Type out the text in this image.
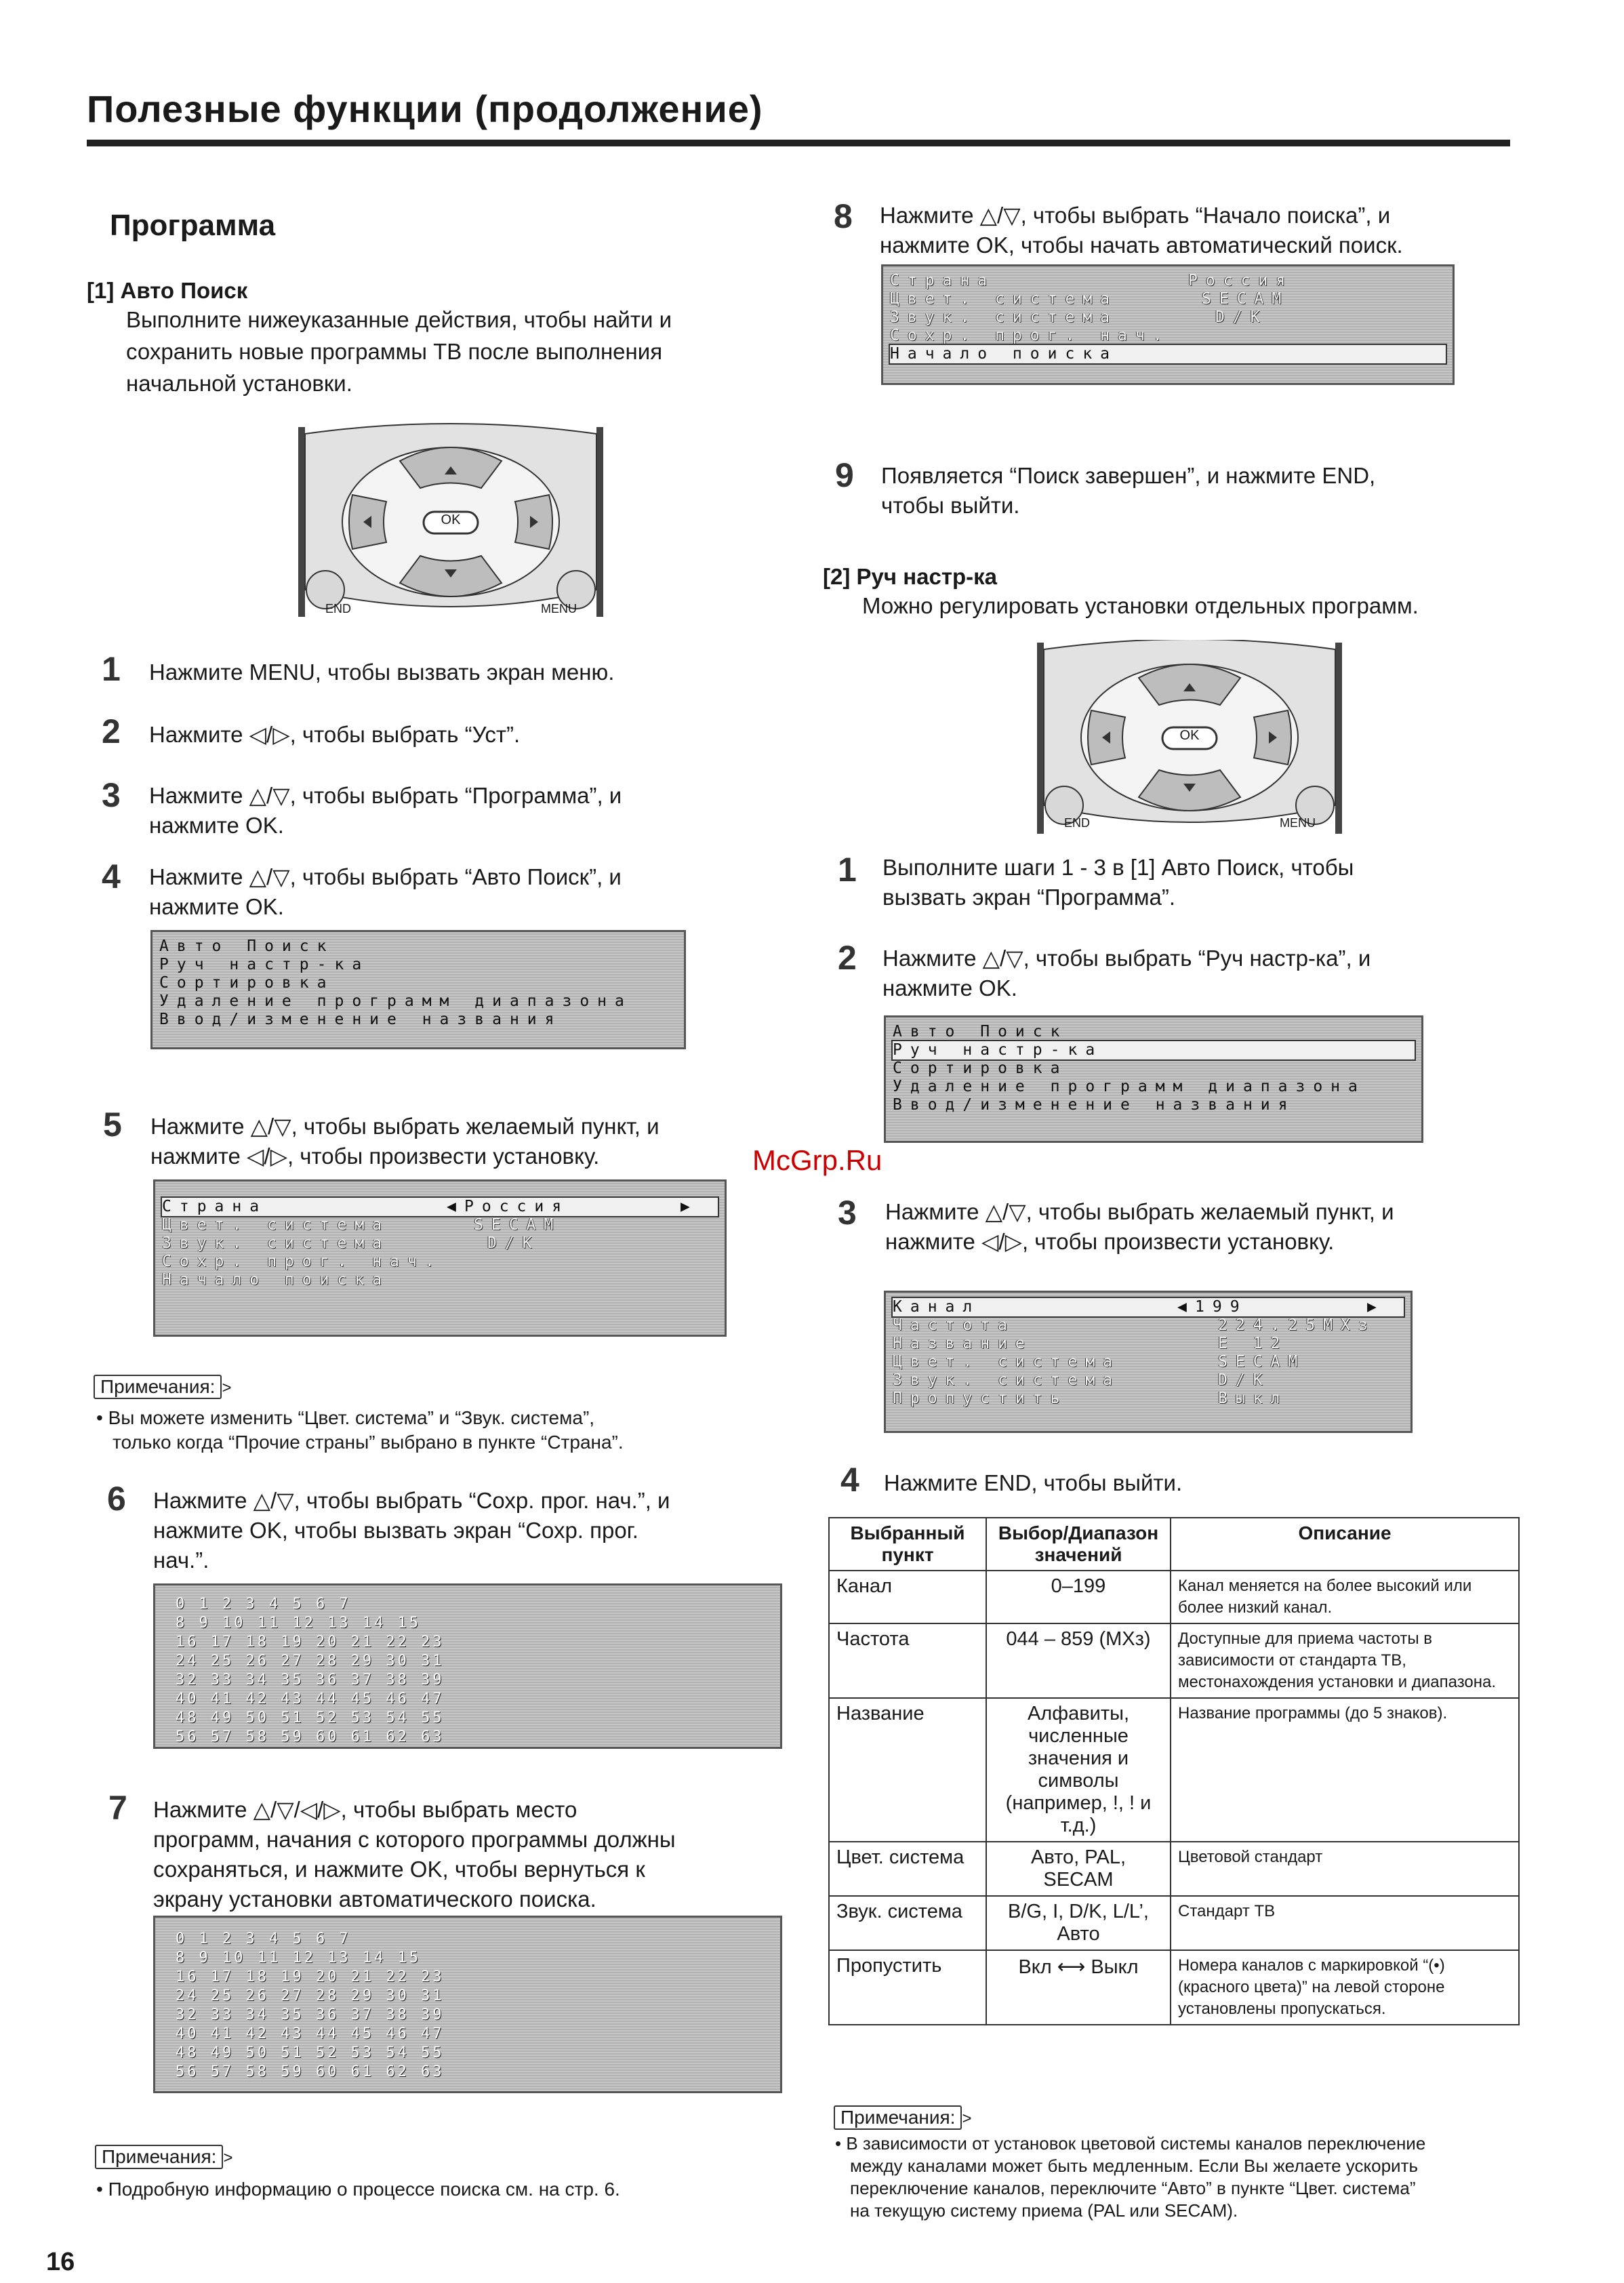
Полезные функции (продолжение)
Программа
[1] Авто Поиск
Выполните нижеуказанные действия, чтобы найти и
сохранить новые программы ТВ после выполнения
начальной установки.
OK
END	MENU
1 Нажмите MENU, чтобы вызвать экран меню.
2 Нажмите ◁/▷, чтобы выбрать “Уст”.
3 Нажмите △/▽, чтобы выбрать “Программа”, и
нажмите OK.
4 Нажмите △/▽, чтобы выбрать “Авто Поиск”, и
нажмите OK.
Авто Поиск
Руч настр-ка
Сортировка
Удаление программ диапазона
Ввод/изменение названия
5 Нажмите △/▽, чтобы выбрать желаемый пункт, и
нажмите ◁/▷, чтобы произвести установку.
Страна	◀ Россия	▶
Цвет. система	SECAM
Звук. система	D/K
Сохр. прог. нач.
Начало поиска
Примечания: >
• Вы можете изменить “Цвет. система” и “Звук. система”,
только когда “Прочие страны” выбрано в пункте “Страна”.
6 Нажмите △/▽, чтобы выбрать “Сохр. прог. нач.”, и
нажмите OK, чтобы вызвать экран “Сохр. прог.
нач.”.
0 1 2 3 4 5 6 7
8 9 10 11 12 13 14 15
16 17 18 19 20 21 22 23
24 25 26 27 28 29 30 31
32 33 34 35 36 37 38 39
40 41 42 43 44 45 46 47
48 49 50 51 52 53 54 55
56 57 58 59 60 61 62 63
7 Нажмите △/▽/◁/▷, чтобы выбрать место
программ, начания с которого программы должны
сохраняться, и нажмите OK, чтобы вернуться к
экрану установки автоматического поиска.
0 1 2 3 4 5 6 7
8 9 10 11 12 13 14 15
16 17 18 19 20 21 22 23
24 25 26 27 28 29 30 31
32 33 34 35 36 37 38 39
40 41 42 43 44 45 46 47
48 49 50 51 52 53 54 55
56 57 58 59 60 61 62 63
Примечания: >
• Подробную информацию о процессе поиска см. на стр. 6.
16
8 Нажмите △/▽, чтобы выбрать “Начало поиска”, и
нажмите OK, чтобы начать автоматический поиск.
Страна	Россия
Цвет. система	SECAM
Звук. система	D/K
Сохр. прог. нач.
Начало поиска
9 Появляется “Поиск завершен”, и нажмите END,
чтобы выйти.
[2] Руч настр-ка
Можно регулировать установки отдельных программ.
OK
END	MENU
1 Выполните шаги 1 - 3 в [1] Авто Поиск, чтобы
вызвать экран “Программа”.
2 Нажмите △/▽, чтобы выбрать “Руч настр-ка”, и
нажмите OK.
Авто Поиск
Руч настр-ка
Сортировка
Удаление программ диапазона
Ввод/изменение названия
McGrp.Ru
3 Нажмите △/▽, чтобы выбрать желаемый пункт, и
нажмите ◁/▷, чтобы произвести установку.
Канал	◀ 199	▶
Частота	224.25МХз
Название	E 12
Цвет. система	SECAM
Звук. система	D/K
Пропустить	Выкл
4 Нажмите END, чтобы выйти.
Выбранный пункт	Выбор/Диапазон значений	Описание
Канал	0–199	Канал меняется на более высокий или более низкий канал.
Частота	044 – 859 (МХз)	Доступные для приема частоты в зависимости от стандарта ТВ, местонахождения установки и диапазона.
Название	Алфавиты, численные значения и символы (например, !, ! и т.д.)	Название программы (до 5 знаков).
Цвет. система	Авто, PAL, SECAM	Цветовой стандарт
Звук. система	B/G, I, D/K, L/L’, Авто	Стандарт ТВ
Пропустить	Вкл ⟷ Выкл	Номера каналов с маркировкой “(•) (красного цвета)” на левой стороне установлены пропускаться.
Примечания: >
• В зависимости от установок цветовой системы каналов переключение
между каналами может быть медленным. Если Вы желаете ускорить
переключение каналов, переключите “Авто” в пункте “Цвет. система”
на текущую систему приема (PAL или SECAM).
